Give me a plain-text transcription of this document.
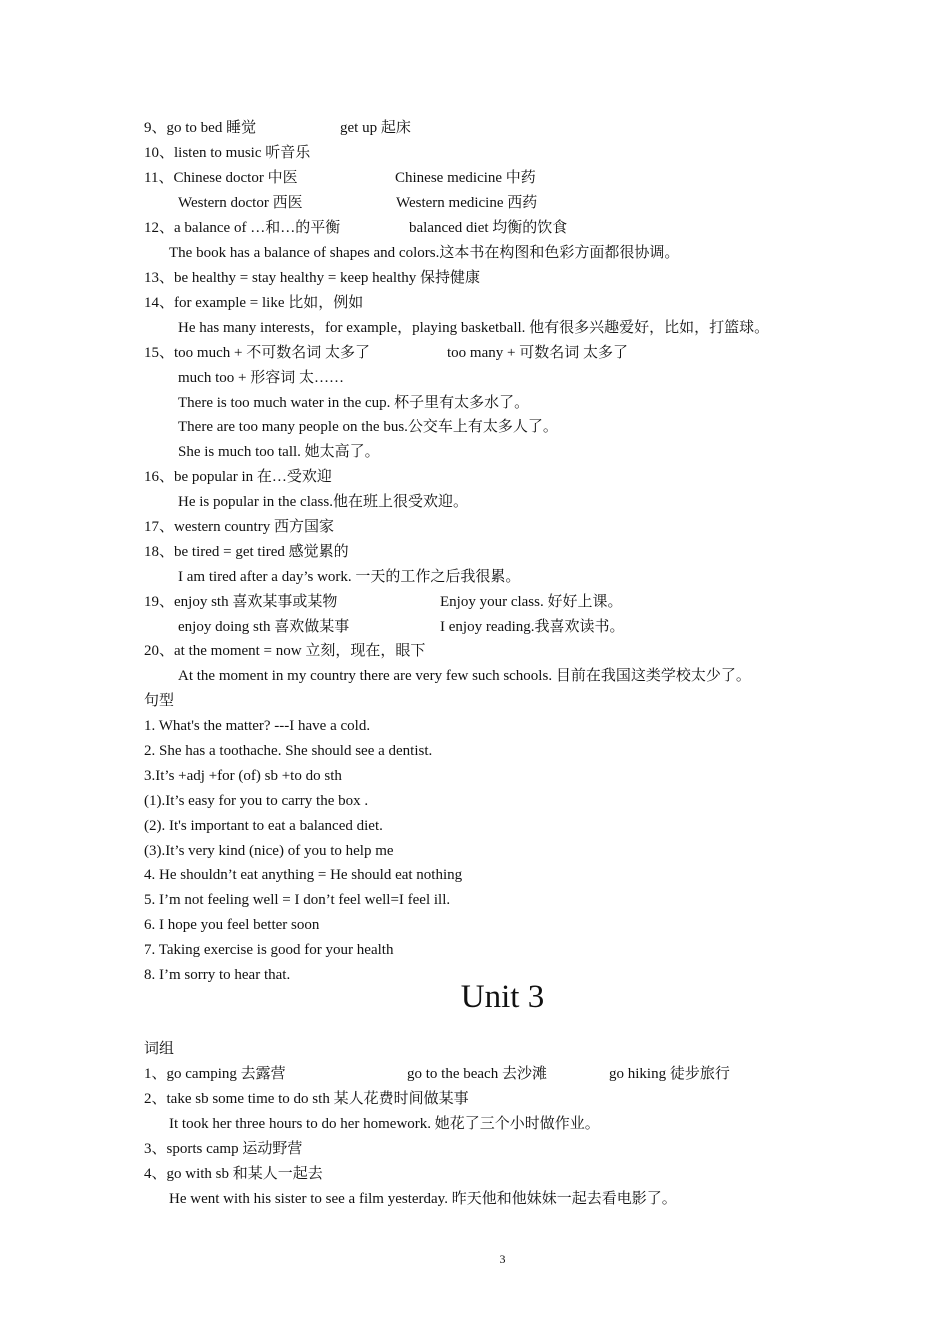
9、go to bed 睡觉	get up 起床
10、listen to music 听音乐
11、Chinese doctor 中医	Chinese medicine 中药
Western doctor 西医	Western medicine 西药
12、a balance of …和…的平衡	balanced diet 均衡的饮食
The book has a balance of shapes and colors.这本书在构图和色彩方面都很协调。
13、be healthy = stay healthy = keep healthy 保持健康
14、for example = like 比如，例如
He has many interests，for example，playing basketball. 他有很多兴趣爱好，比如，打篮球。
15、too much + 不可数名词 太多了	too many + 可数名词 太多了
much too + 形容词 太……
There is too much water in the cup. 杯子里有太多水了。
There are too many people on the bus.公交车上有太多人了。
She is much too tall. 她太高了。
16、be popular in 在…受欢迎
He is popular in the class.他在班上很受欢迎。
17、western country 西方国家
18、be tired = get tired 感觉累的
I am tired after a day’s work. 一天的工作之后我很累。
19、enjoy sth 喜欢某事或某物	Enjoy your class. 好好上课。
enjoy doing sth 喜欢做某事	I enjoy reading.我喜欢读书。
20、at the moment = now 立刻，现在，眼下
At the moment in my country there are very few such schools. 目前在我国这类学校太少了。
句型
1. What's the matter? ---I have a cold.
2. She has a toothache. She should see a dentist.
3.It’s +adj +for (of) sb +to do sth
(1).It’s easy for you to carry the box .
(2). It's important to eat a balanced diet.
(3).It’s very kind (nice) of you to help me
4. He shouldn’t eat anything = He should eat nothing
5. I’m not feeling well = I don’t feel well=I feel ill.
6. I hope you feel better soon
7. Taking exercise is good for your health
8. I’m sorry to hear that.
Unit 3
词组
1、go camping 去露营	go to the beach 去沙滩	go hiking 徒步旅行
2、take sb some time to do sth 某人花费时间做某事
It took her three hours to do her homework. 她花了三个小时做作业。
3、sports camp 运动野营
4、go with sb 和某人一起去
He went with his sister to see a film yesterday. 昨天他和他妹妹一起去看电影了。
3
